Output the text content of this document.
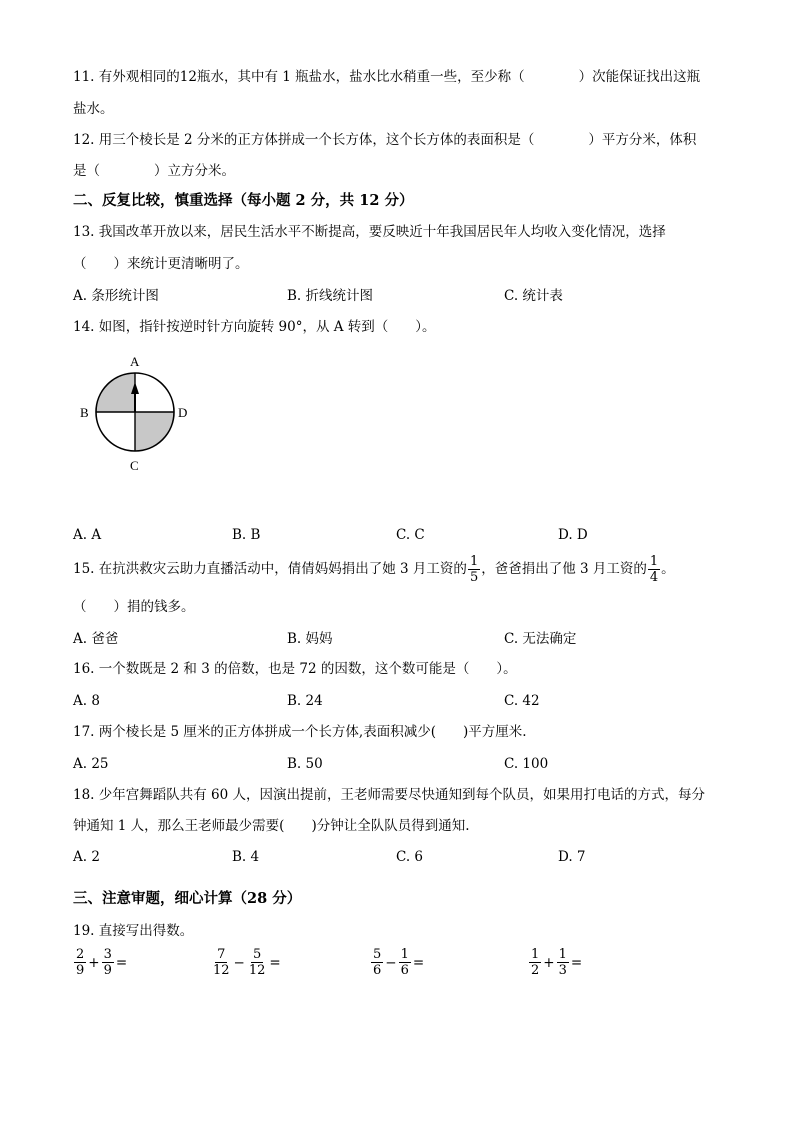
11. 有外观相同的12瓶水，其中有 1 瓶盐水，盐水比水稍重一些，至少称（　　　　）次能保证找出这瓶
盐水。
12. 用三个棱长是 2 分米的正方体拼成一个长方体，这个长方体的表面积是（　　　　）平方分米，体积
是（　　　　）立方分米。
二、反复比较，慎重选择（每小题 2 分，共 12 分）
13. 我国改革开放以来，居民生活水平不断提高，要反映近十年我国居民年人均收入变化情况，选择
（　　）来统计更清晰明了。
A. 条形统计图	B. 折线统计图	C. 统计表
14. 如图，指针按逆时针方向旋转 90°，从 A 转到（　　）。
A
B
C
D
A. A	B. B	C. C	D. D
15. 在抗洪救灾云助力直播活动中，倩倩妈妈捐出了她 3 月工资的 $\frac{1}{5}$ ，爸爸捐出了他 3 月工资的 $\frac{1}{4}$ 。
（　　）捐的钱多。
A. 爸爸	B. 妈妈	C. 无法确定
16. 一个数既是 2 和 3 的倍数，也是 72 的因数，这个数可能是（　　）。
A. 8	B. 24	C. 42
17. 两个棱长是 5 厘米的正方体拼成一个长方体,表面积减少(　　)平方厘米.
A. 25	B. 50	C. 100
18. 少年宫舞蹈队共有 60 人，因演出提前，王老师需要尽快通知到每个队员，如果用打电话的方式，每分
钟通知 1 人，那么王老师最少需要(　　)分钟让全队队员得到通知.
A. 2	B. 4	C. 6	D. 7
三、注意审题，细心计算（28 分）
19. 直接写出得数。
$\frac{2}{9} + \frac{3}{9}$ =	$\frac{7}{12} - \frac{5}{12}$ =	$\frac{5}{6} - \frac{1}{6}$ =	$\frac{1}{2} + \frac{1}{3}$ =
